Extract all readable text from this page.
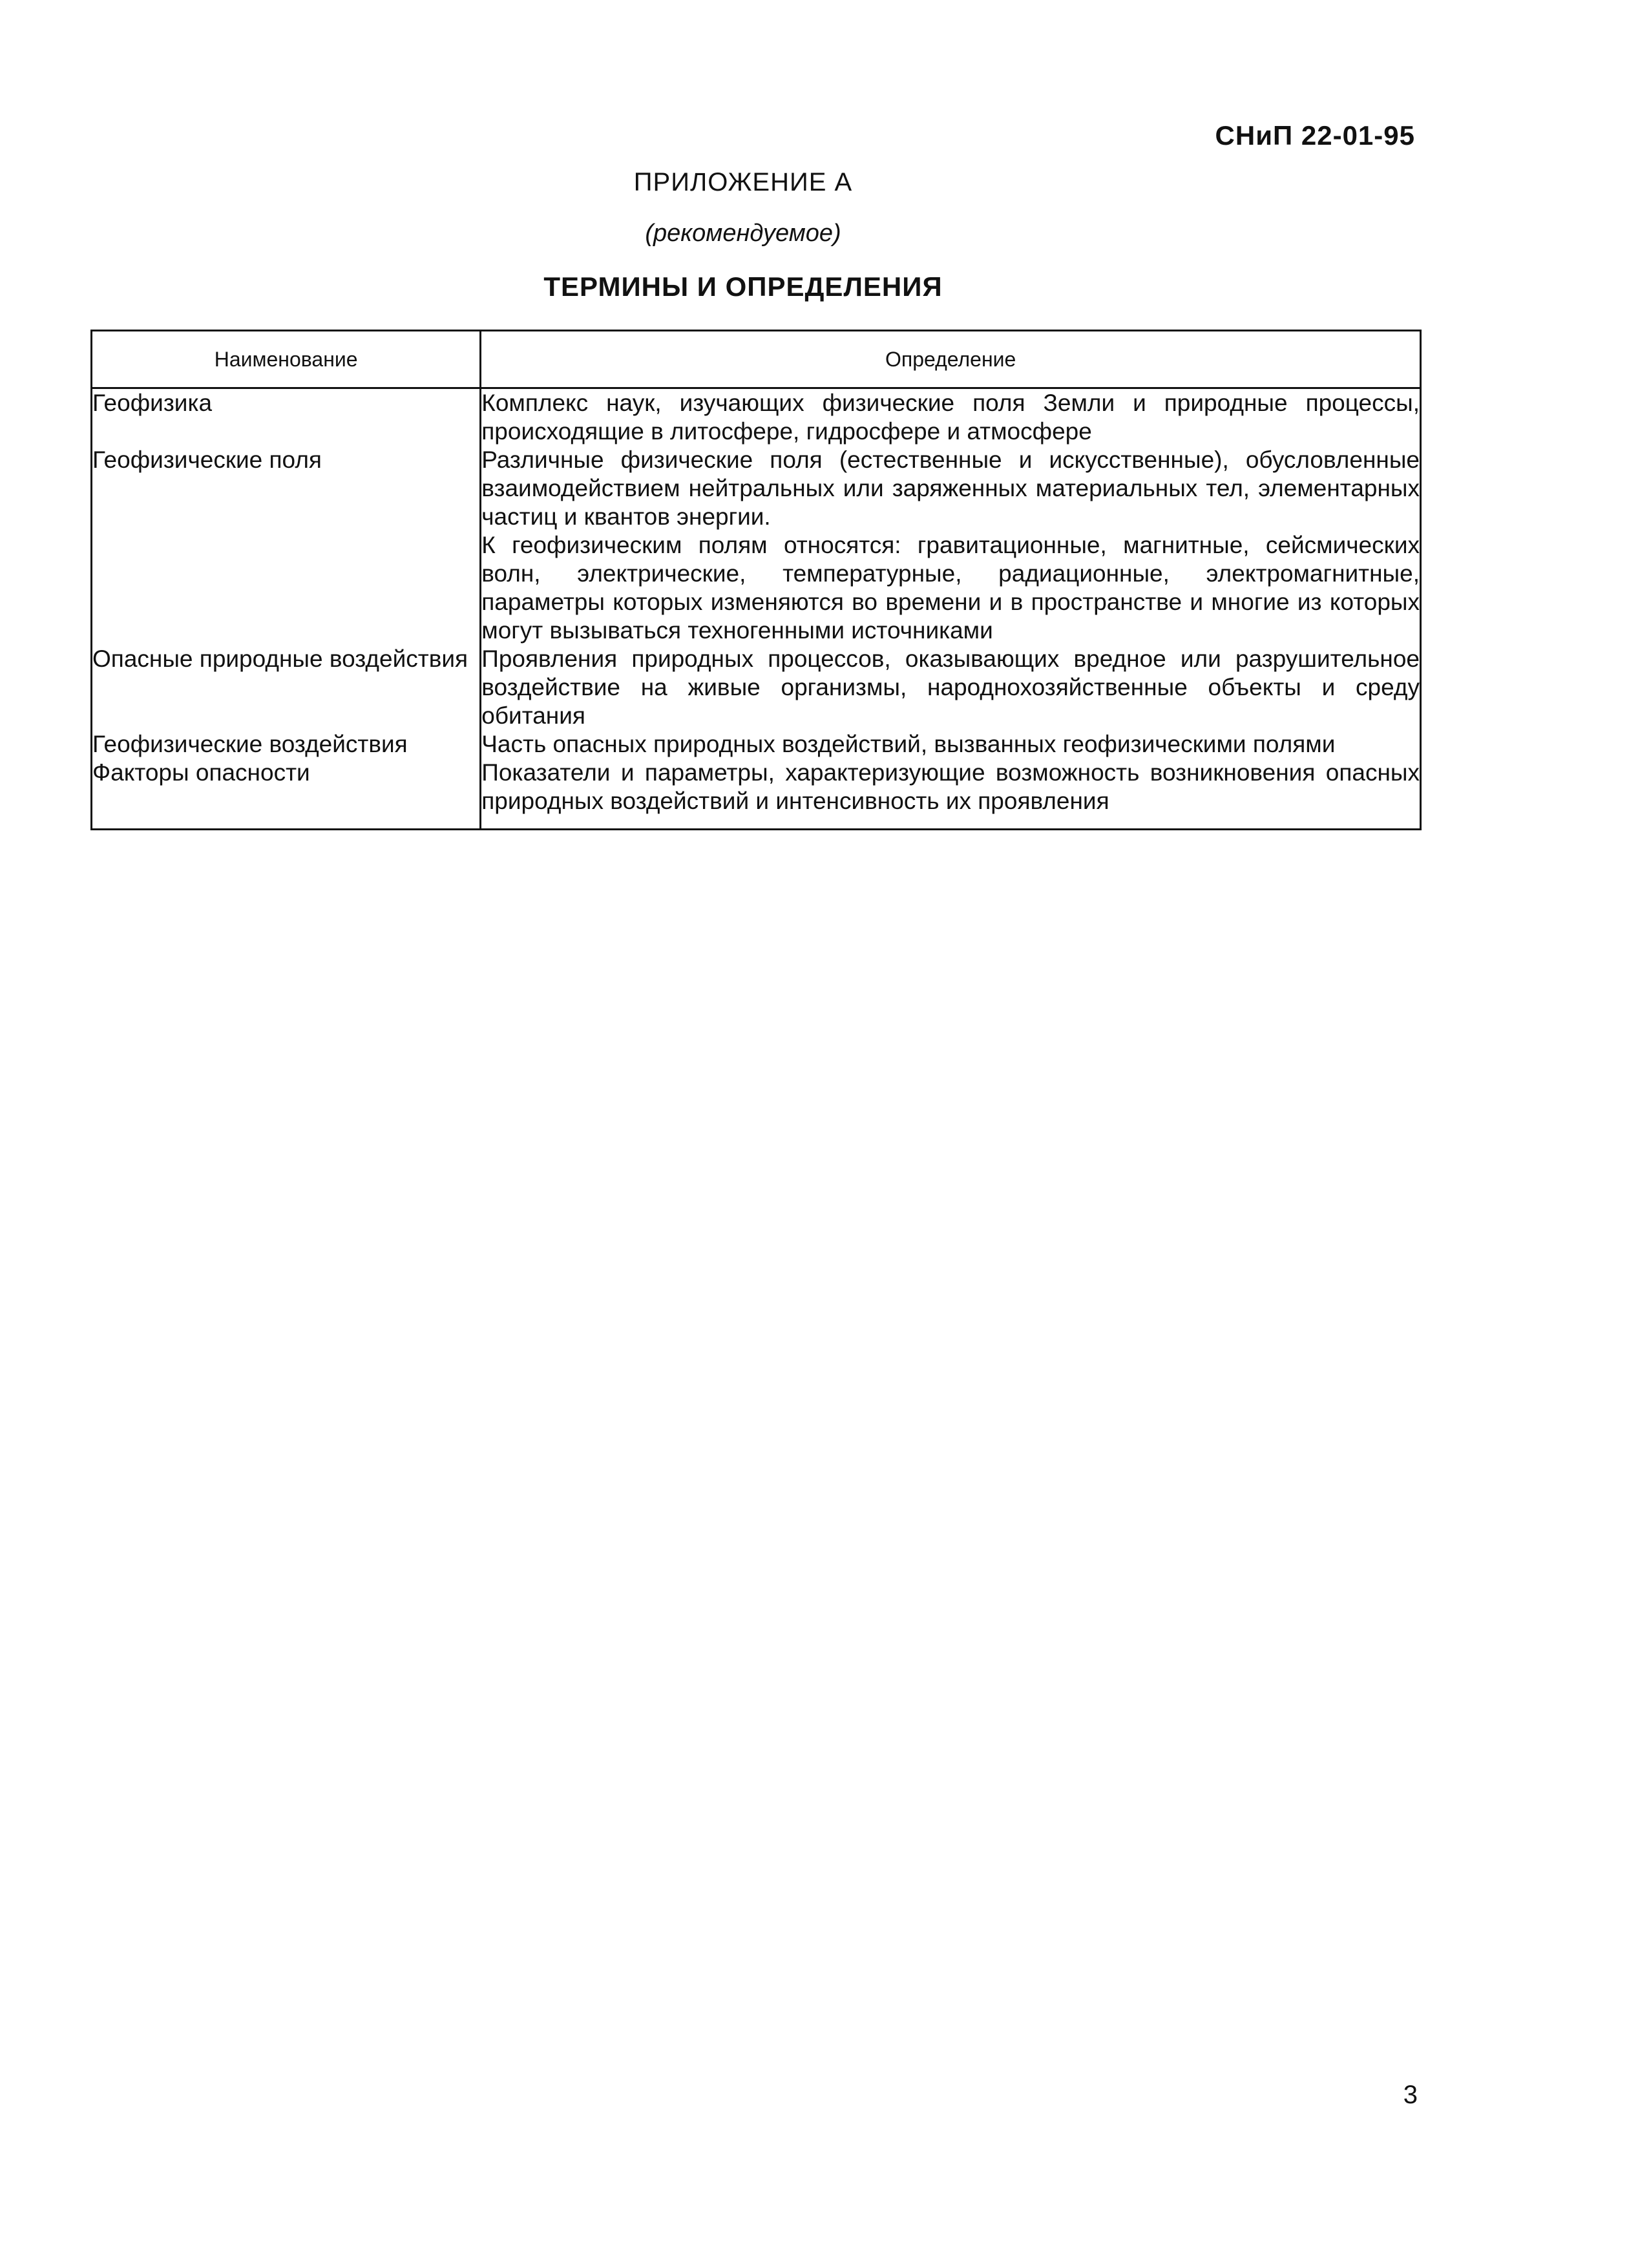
СНиП 22-01-95
ПРИЛОЖЕНИЕ А
(рекомендуемое)
ТЕРМИНЫ И ОПРЕДЕЛЕНИЯ
Наименование	Определение
Геофизика	Комплекс наук, изучающих физические поля Земли и природные процессы, происходящие в литосфере, гидросфере и атмосфере

Геофизические поля	Различные физические поля (естественные и искусственные), обусловленные взаимодействием нейтральных или заряженных материальных тел, элементарных частиц и квантов энергии.
К геофизическим полям относятся: гравитационные, магнитные, сейсмических волн, электрические, температурные, радиационные, электромагнитные, параметры которых изменяются во времени и в пространстве и многие из которых могут вызываться техногенными источниками

Опасные природные воздействия	Проявления природных процессов, оказывающих вредное или разрушительное воздействие на живые организмы, народнохозяйственные объекты и среду обитания

Геофизические воздействия	Часть опасных природных воздействий, вызванных геофизическими полями

Факторы опасности	Показатели и параметры, характеризующие возможность возникновения опасных природных воздействий и интенсивность их проявления
3
